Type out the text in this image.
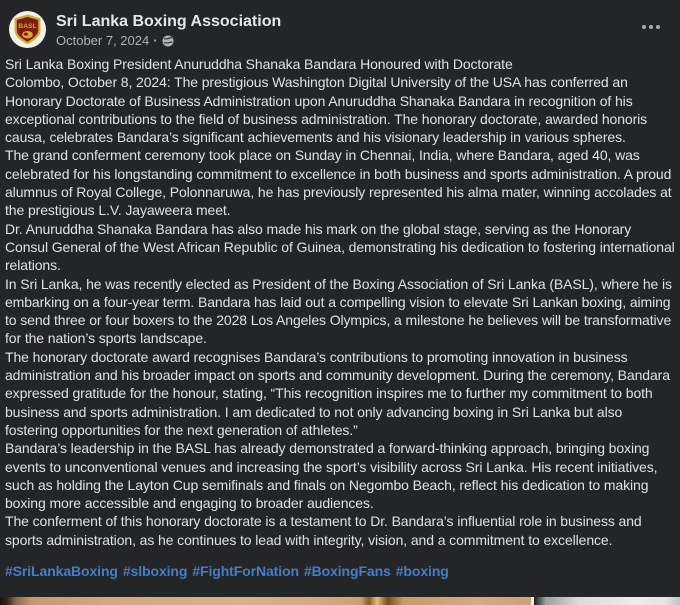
BASL Sri Lanka Boxing Association
October 7, 2024 ·

Sri Lanka Boxing President Anuruddha Shanaka Bandara Honoured with Doctorate

Colombo, October 8, 2024: The prestigious Washington Digital University of the USA has conferred an Honorary Doctorate of Business Administration upon Anuruddha Shanaka Bandara in recognition of his exceptional contributions to the field of business administration. The honorary doctorate, awarded honoris causa, celebrates Bandara’s significant achievements and his visionary leadership in various spheres.

The grand conferment ceremony took place on Sunday in Chennai, India, where Bandara, aged 40, was celebrated for his longstanding commitment to excellence in both business and sports administration. A proud alumnus of Royal College, Polonnaruwa, he has previously represented his alma mater, winning accolades at the prestigious L.V. Jayaweera meet.

Dr. Anuruddha Shanaka Bandara has also made his mark on the global stage, serving as the Honorary Consul General of the West African Republic of Guinea, demonstrating his dedication to fostering international relations.

In Sri Lanka, he was recently elected as President of the Boxing Association of Sri Lanka (BASL), where he is embarking on a four-year term. Bandara has laid out a compelling vision to elevate Sri Lankan boxing, aiming to send three or four boxers to the 2028 Los Angeles Olympics, a milestone he believes will be transformative for the nation’s sports landscape.

The honorary doctorate award recognises Bandara’s contributions to promoting innovation in business administration and his broader impact on sports and community development. During the ceremony, Bandara expressed gratitude for the honour, stating, “This recognition inspires me to further my commitment to both business and sports administration. I am dedicated to not only advancing boxing in Sri Lanka but also fostering opportunities for the next generation of athletes.”

Bandara’s leadership in the BASL has already demonstrated a forward-thinking approach, bringing boxing events to unconventional venues and increasing the sport’s visibility across Sri Lanka. His recent initiatives, such as holding the Layton Cup semifinals and finals on Negombo Beach, reflect his dedication to making boxing more accessible and engaging to broader audiences.

The conferment of this honorary doctorate is a testament to Dr. Bandara’s influential role in business and sports administration, as he continues to lead with integrity, vision, and a commitment to excellence.

#SriLankaBoxing #slboxing #FightForNation #BoxingFans #boxing
